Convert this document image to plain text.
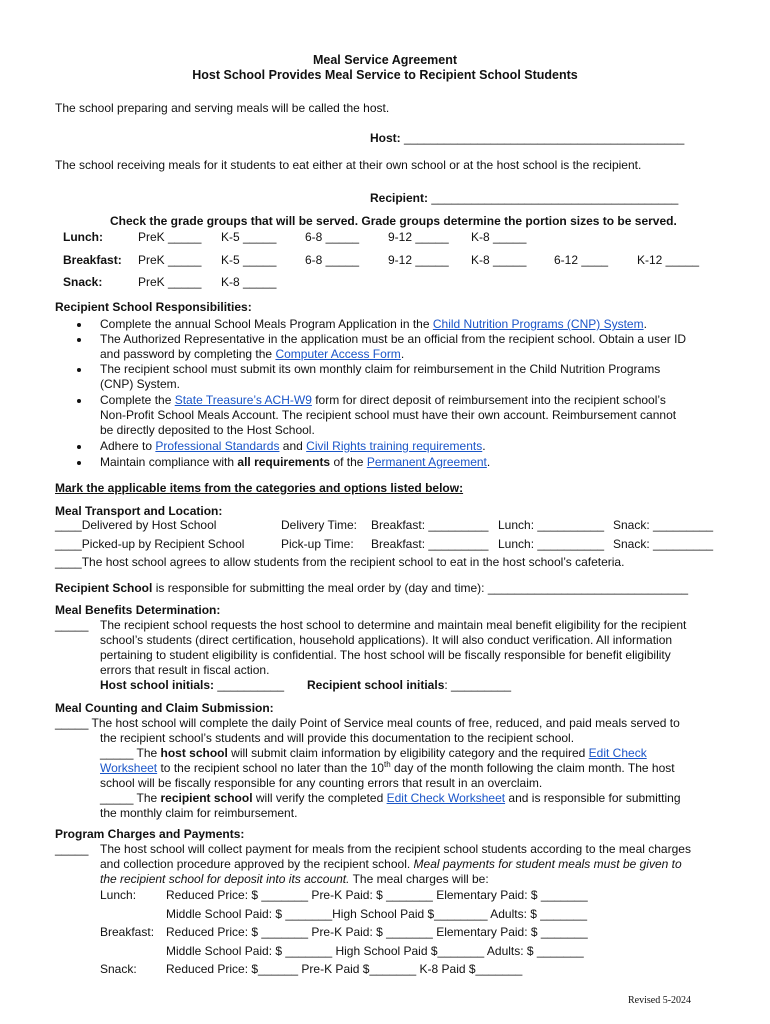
Meal Service Agreement
Host School Provides Meal Service to Recipient School Students
The school preparing and serving meals will be called the host.
Host: __________________________________________
The school receiving meals for it students to eat either at their own school or at the host school is the recipient.
Recipient: _____________________________________
Check the grade groups that will be served. Grade groups determine the portion sizes to be served.
Lunch:	PreK _____ K-5 _____ 6-8 _____ 9-12 _____ K-8 _____
Breakfast: PreK _____ K-5 _____ 6-8 _____ 9-12 _____ K-8 _____ 6-12 ____ K-12 _____
Snack:	PreK _____ K-8 _____
Recipient School Responsibilities:
Complete the annual School Meals Program Application in the Child Nutrition Programs (CNP) System.
The Authorized Representative in the application must be an official from the recipient school. Obtain a user ID
and password by completing the Computer Access Form.
The recipient school must submit its own monthly claim for reimbursement in the Child Nutrition Programs
(CNP) System.
Complete the State Treasure’s ACH-W9 form for direct deposit of reimbursement into the recipient school’s
Non-Profit School Meals Account. The recipient school must have their own account. Reimbursement cannot
be directly deposited to the Host School.
Adhere to Professional Standards and Civil Rights training requirements.
Maintain compliance with all requirements of the Permanent Agreement.
Mark the applicable items from the categories and options listed below:
Meal Transport and Location:
____Delivered by Host School	Delivery Time: Breakfast: _________ Lunch: __________ Snack: _________
____Picked-up by Recipient School	Pick-up Time: Breakfast: _________ Lunch: __________ Snack: _________
____The host school agrees to allow students from the recipient school to eat in the host school’s cafeteria.
Recipient School is responsible for submitting the meal order by (day and time): ______________________________
Meal Benefits Determination:
_____ The recipient school requests the host school to determine and maintain meal benefit eligibility for the recipient
school’s students (direct certification, household applications). It will also conduct verification. All information
pertaining to student eligibility is confidential. The host school will be fiscally responsible for benefit eligibility
errors that result in fiscal action.
Host school initials: __________ Recipient school initials: _________
Meal Counting and Claim Submission:
_____ The host school will complete the daily Point of Service meal counts of free, reduced, and paid meals served to
the recipient school’s students and will provide this documentation to the recipient school.
_____ The host school will submit claim information by eligibility category and the required Edit Check
Worksheet to the recipient school no later than the 10th day of the month following the claim month. The host
school will be fiscally responsible for any counting errors that result in an overclaim.
_____ The recipient school will verify the completed Edit Check Worksheet and is responsible for submitting
the monthly claim for reimbursement.
Program Charges and Payments:
_____ The host school will collect payment for meals from the recipient school students according to the meal charges
and collection procedure approved by the recipient school. Meal payments for student meals must be given to
the recipient school for deposit into its account. The meal charges will be:
Lunch: Reduced Price: $ _______ Pre-K Paid: $ _______ Elementary Paid: $ _______
Middle School Paid: $ _______High School Paid $________ Adults: $ _______
Breakfast: Reduced Price: $ _______ Pre-K Paid: $ _______ Elementary Paid: $ _______
Middle School Paid: $ _______ High School Paid $_______ Adults: $ _______
Snack: Reduced Price: $______ Pre-K Paid $_______ K-8 Paid $_______
Revised 5-2024
